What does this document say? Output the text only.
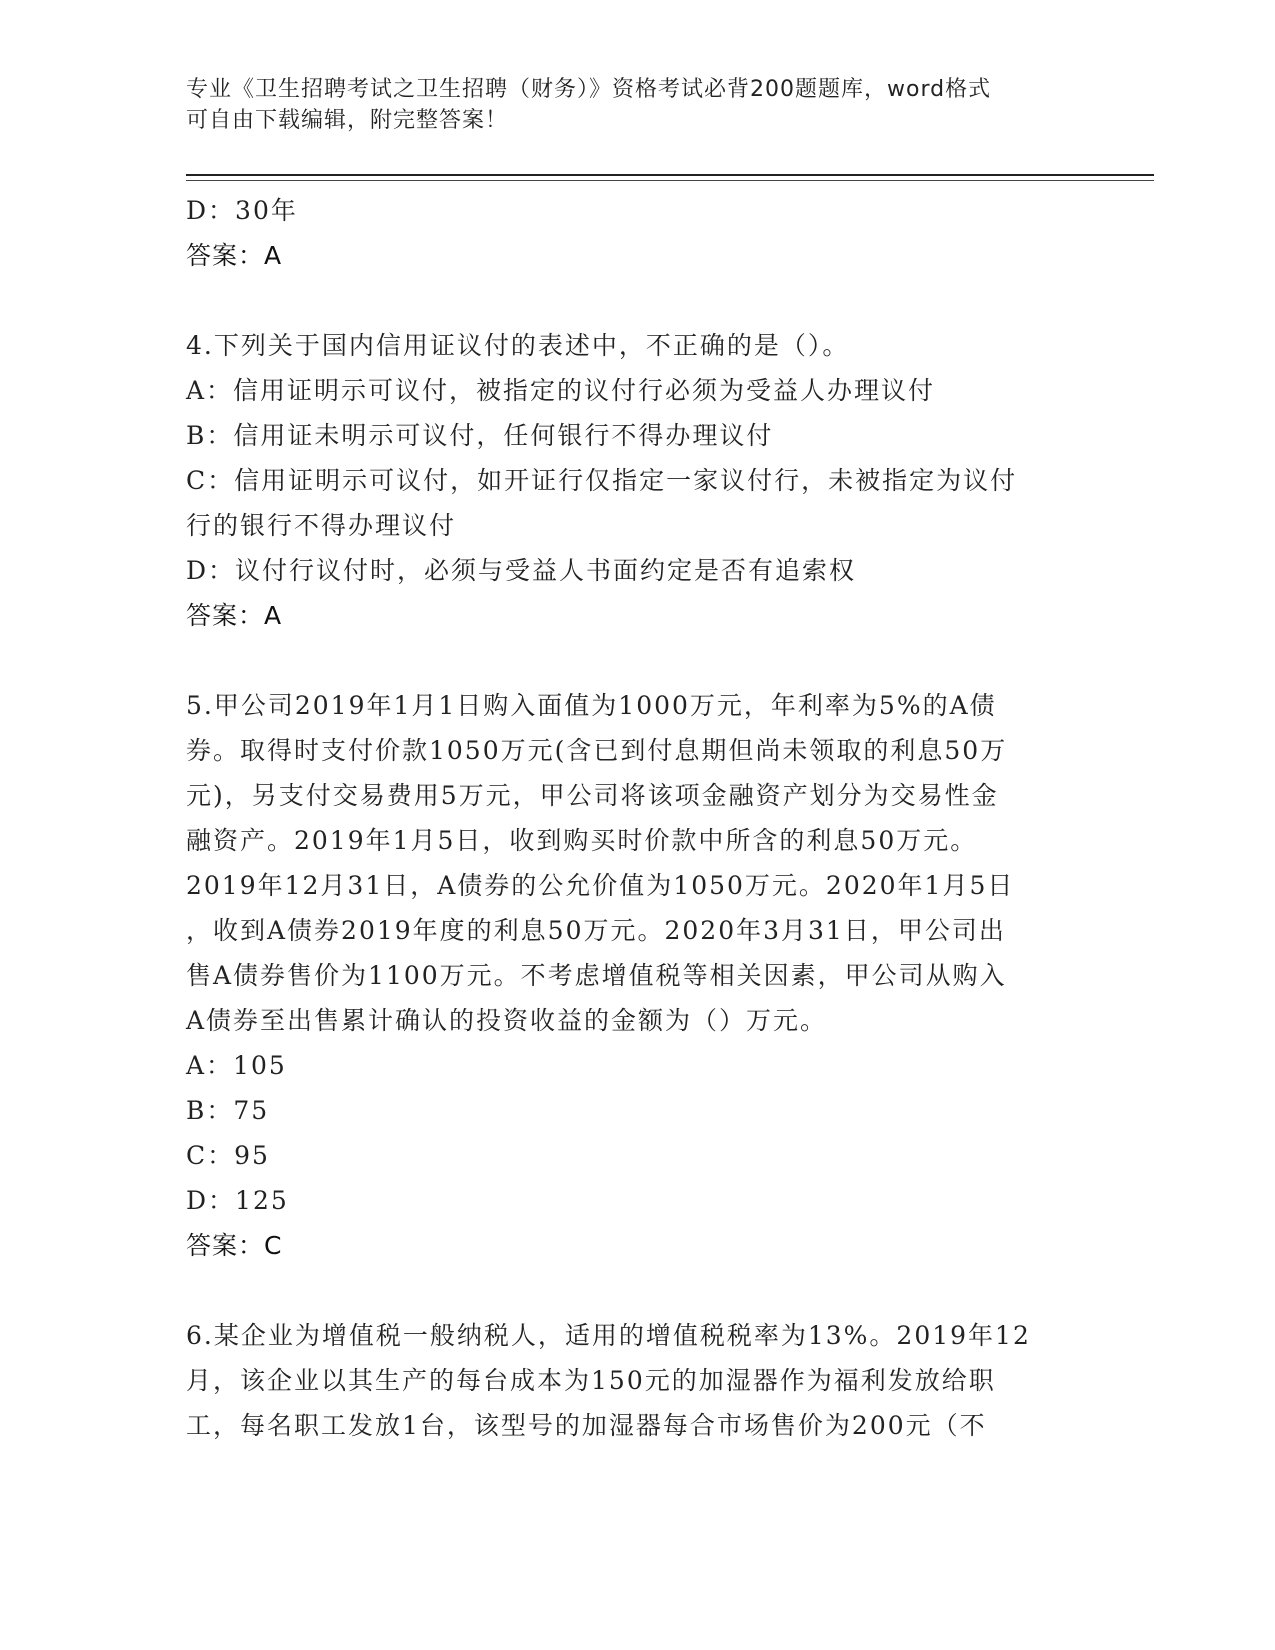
专业《卫生招聘考试之卫生招聘（财务）》资格考试必背200题题库，word格式
可自由下载编辑，附完整答案！
D：30年
答案：A
4.下列关于国内信用证议付的表述中，不正确的是（）。
A：信用证明示可议付，被指定的议付行必须为受益人办理议付
B：信用证未明示可议付，任何银行不得办理议付
C：信用证明示可议付，如开证行仅指定一家议付行，未被指定为议付
行的银行不得办理议付
D：议付行议付时，必须与受益人书面约定是否有追索权
答案：A
5.甲公司2019年1月1日购入面值为1000万元，年利率为5%的A债
券。取得时支付价款1050万元(含已到付息期但尚未领取的利息50万
元)，另支付交易费用5万元，甲公司将该项金融资产划分为交易性金
融资产。2019年1月5日，收到购买时价款中所含的利息50万元。
2019年12月31日，A债券的公允价值为1050万元。2020年1月5日
，收到A债券2019年度的利息50万元。2020年3月31日，甲公司出
售A债券售价为1100万元。不考虑增值税等相关因素，甲公司从购入
A债券至出售累计确认的投资收益的金额为（）万元。
A：105
B：75
C：95
D：125
答案：C
6.某企业为增值税一般纳税人，适用的增值税税率为13%。2019年12
月，该企业以其生产的每台成本为150元的加湿器作为福利发放给职
工，每名职工发放1台，该型号的加湿器每合市场售价为200元（不
